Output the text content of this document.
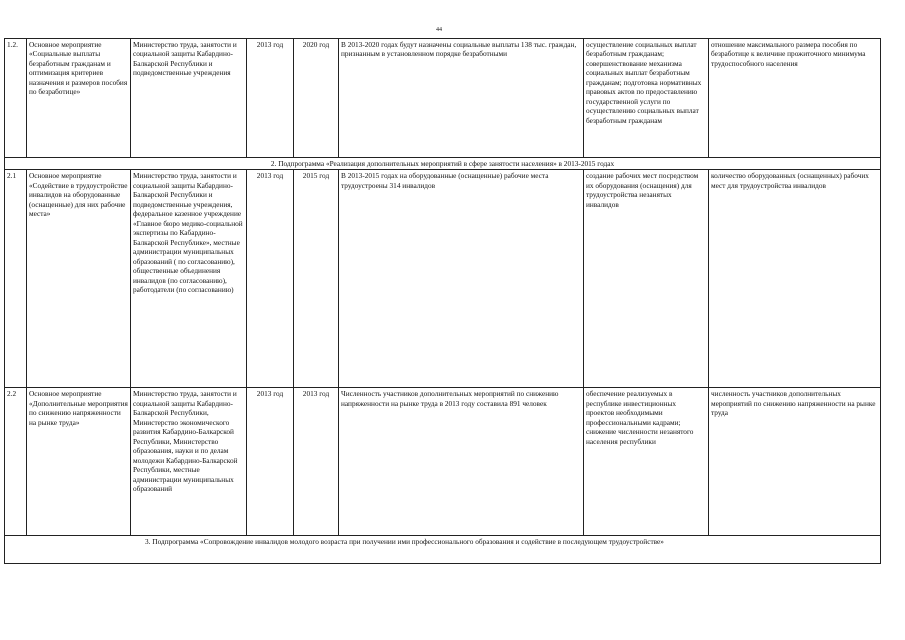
44
1.2.	Основное мероприятие «Социальные выплаты безработным гражданам и оптимизация критериев назначения и размеров пособия по безработице»	Министерство труда, занятости и социальной защиты Кабардино-Балкарской Республики и подведомственные учреждения	2013 год	2020 год	В 2013-2020 годах будут назначены социальные выплаты 138 тыс. граждан, признанным в установленном порядке безработными	осуществление социальных выплат безработным гражданам; совершенствование механизма социальных выплат безработным гражданам; подготовка нормативных правовых актов по предоставлению государственной услуги по осуществлению социальных выплат безработным гражданам	отношение максимального размера пособия по безработице к величине прожиточного минимума трудоспособного населения
2. Подпрограмма «Реализация дополнительных мероприятий в сфере занятости населения» в 2013-2015 годах							
2.1	Основное мероприятие «Содействие в трудоустройстве инвалидов на оборудованные (оснащенные) для них рабочие места»	Министерство труда, занятости и социальной защиты Кабардино-Балкарской Республики и подведомственные учреждения, федеральное казенное учреждение «Главное бюро медико-социальной экспертизы по Кабардино-Балкарской Республике», местные администрации муниципальных образований ( по согласованию), общественные объединения инвалидов (по согласованию), работодатели (по согласованию)	2013 год	2015 год	В 2013-2015 годах на оборудованные (оснащенные) рабочие места трудоустроены 314 инвалидов	создание рабочих мест посредством их оборудования (оснащения) для трудоустройства незанятых инвалидов	количество оборудованных (оснащенных) рабочих мест для трудоустройства инвалидов
2.2	Основное мероприятие «Дополнительные мероприятия по снижению напряженности на рынке труда»	Министерство труда, занятости и социальной защиты Кабардино-Балкарской Республики, Министерство экономического развития Кабардино-Балкарской Республики, Министерство образования, науки и по делам молодежи Кабардино-Балкарской Республики, местные администрации муниципальных образований	2013 год	2013 год	Численность участников дополнительных мероприятий по снижению напряженности на рынке труда в 2013 году составила 891 человек	обеспечение реализуемых в республике инвестиционных проектов необходимыми профессиональными кадрами; снижение численности незанятого населения республики	численность участников дополнительных мероприятий по снижению напряженности на рынке труда
3. Подпрограмма «Сопровождение инвалидов молодого возраста при получении ими профессионального образования и содействие в последующем трудоустройстве»							
